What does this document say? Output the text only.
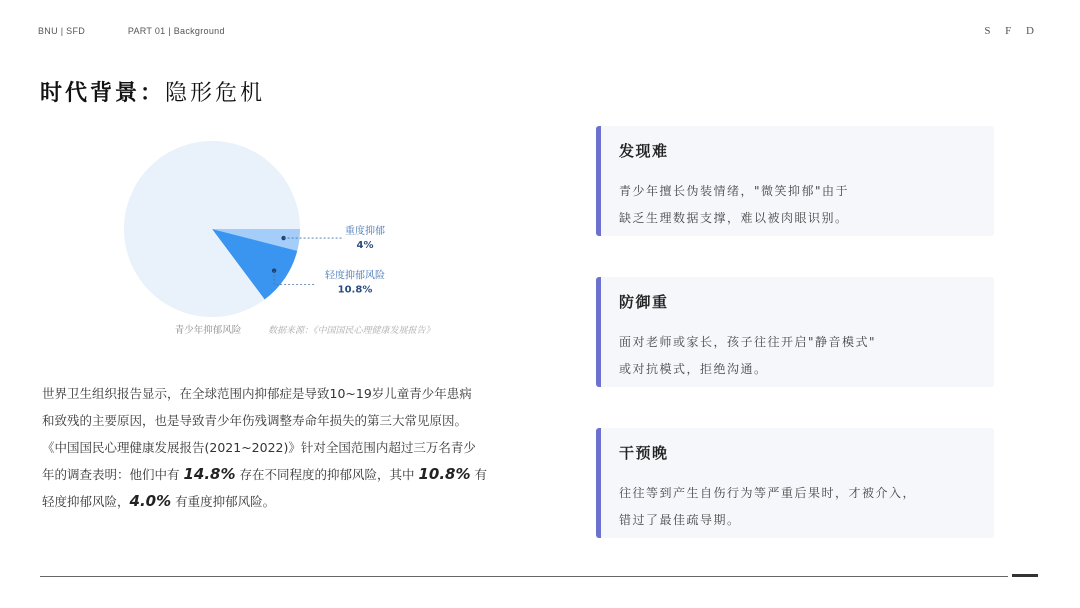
BNU | SFD	PART 01 | Background	S F D
时代背景：隐形危机
重度抑郁
4%
轻度抑郁风险
10.8%
青少年抑郁风险	数据来源：《中国国民心理健康发展报告》
世界卫生组织报告显示，在全球范围内抑郁症是导致10~19岁儿童青少年患病
和致残的主要原因，也是导致青少年伤残调整寿命年损失的第三大常见原因。
《中国国民心理健康发展报告(2021~2022)》针对全国范围内超过三万名青少
年的调查表明：他们中有 14.8% 存在不同程度的抑郁风险，其中 10.8% 有
轻度抑郁风险，4.0% 有重度抑郁风险。
发现难
青少年擅长伪装情绪，"微笑抑郁"由于
缺乏生理数据支撑，难以被肉眼识别。
防御重
面对老师或家长，孩子往往开启"静音模式"
或对抗模式，拒绝沟通。
干预晚
往往等到产生自伤行为等严重后果时，才被介入，
错过了最佳疏导期。
